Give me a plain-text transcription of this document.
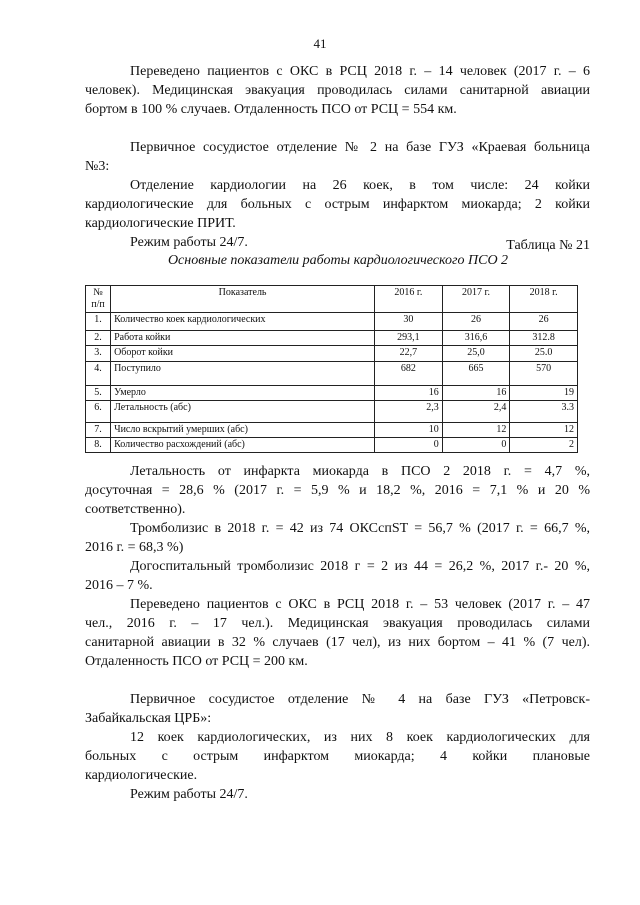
41

Переведено пациентов с ОКС в РСЦ 2018 г. – 14 человек (2017 г. – 6

человек). Медицинская эвакуация проводилась силами санитарной авиации

бортом в 100 % случаев. Отдаленность ПСО от РСЦ = 554 км.

Первичное сосудистое отделение № 2 на базе ГУЗ «Краевая больница

№3:

Отделение кардиологии на 26 коек, в том числе: 24 койки

кардиологические для больных с острым инфарктом миокарда; 2 койки

кардиологические ПРИТ.

Режим работы 24/7.	Таблица № 21

Основные показатели работы кардиологического ПСО 2
№ п/п	Показатель	2016 г.	2017 г.	2018 г.
1.	Количество коек кардиологических	30	26	26
2.	Работа койки	293,1	316,6	312.8
3.	Оборот койки	22,7	25,0	25.0
4.	Поступило	682	665	570
5.	Умерло	16	16	19
6.	Летальность (абс)	2,3	2,4	3.3
7.	Число вскрытий умерших (абс)	10	12	12
8.	Количество расхождений (абс)	0	0	2

Летальность от инфаркта миокарда в ПСО 2 2018 г. = 4,7 %,

досуточная = 28,6 % (2017 г. = 5,9 % и 18,2 %, 2016 = 7,1 % и 20 %

соответственно).

Тромболизис в 2018 г. = 42 из 74 ОКСспST = 56,7 % (2017 г. = 66,7 %,

2016 г. = 68,3 %)

Догоспитальный тромболизис 2018 г = 2 из 44 = 26,2 %, 2017 г.- 20 %,

2016 – 7 %.

Переведено пациентов с ОКС в РСЦ 2018 г. – 53 человек (2017 г. – 47

чел., 2016 г. – 17 чел.). Медицинская эвакуация проводилась силами

санитарной авиации в 32 % случаев (17 чел), из них бортом – 41 % (7 чел).

Отдаленность ПСО от РСЦ = 200 км.

Первичное сосудистое отделение № 4 на базе ГУЗ «Петровск-

Забайкальская ЦРБ»:

12 коек кардиологических, из них 8 коек кардиологических для

больных с острым инфарктом миокарда; 4 койки плановые

кардиологические.

Режим работы 24/7.
